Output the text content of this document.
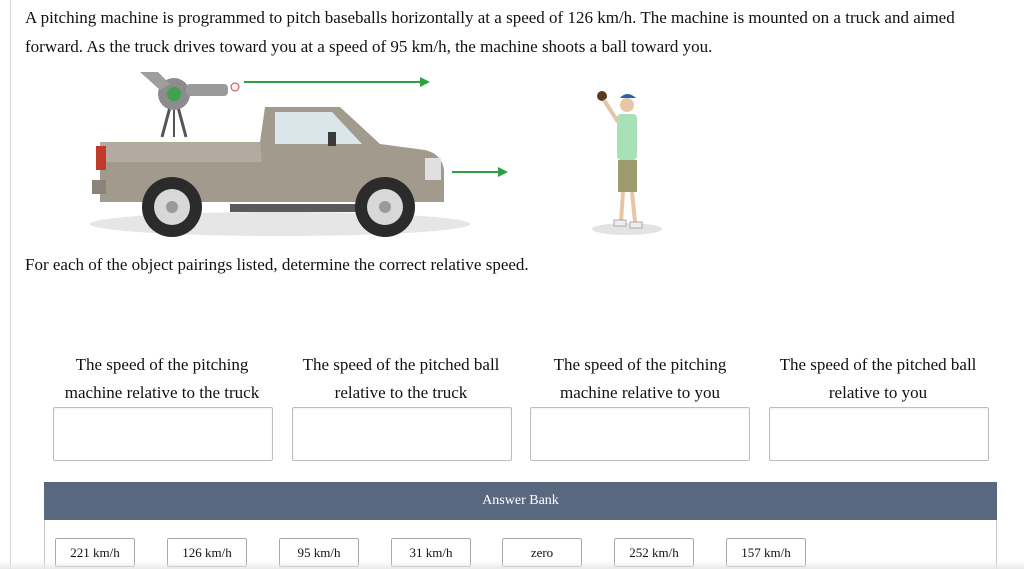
A pitching machine is programmed to pitch baseballs horizontally at a speed of 126 km/h. The machine is mounted on a truck and aimed forward. As the truck drives toward you at a speed of 95 km/h, the machine shoots a ball toward you.
For each of the object pairings listed, determine the correct relative speed.
The speed of the pitching machine relative to the truck
The speed of the pitched ball relative to the truck
The speed of the pitching machine relative to you
The speed of the pitched ball relative to you
Answer Bank
221 km/h	126 km/h	95 km/h	31 km/h	zero	252 km/h	157 km/h
